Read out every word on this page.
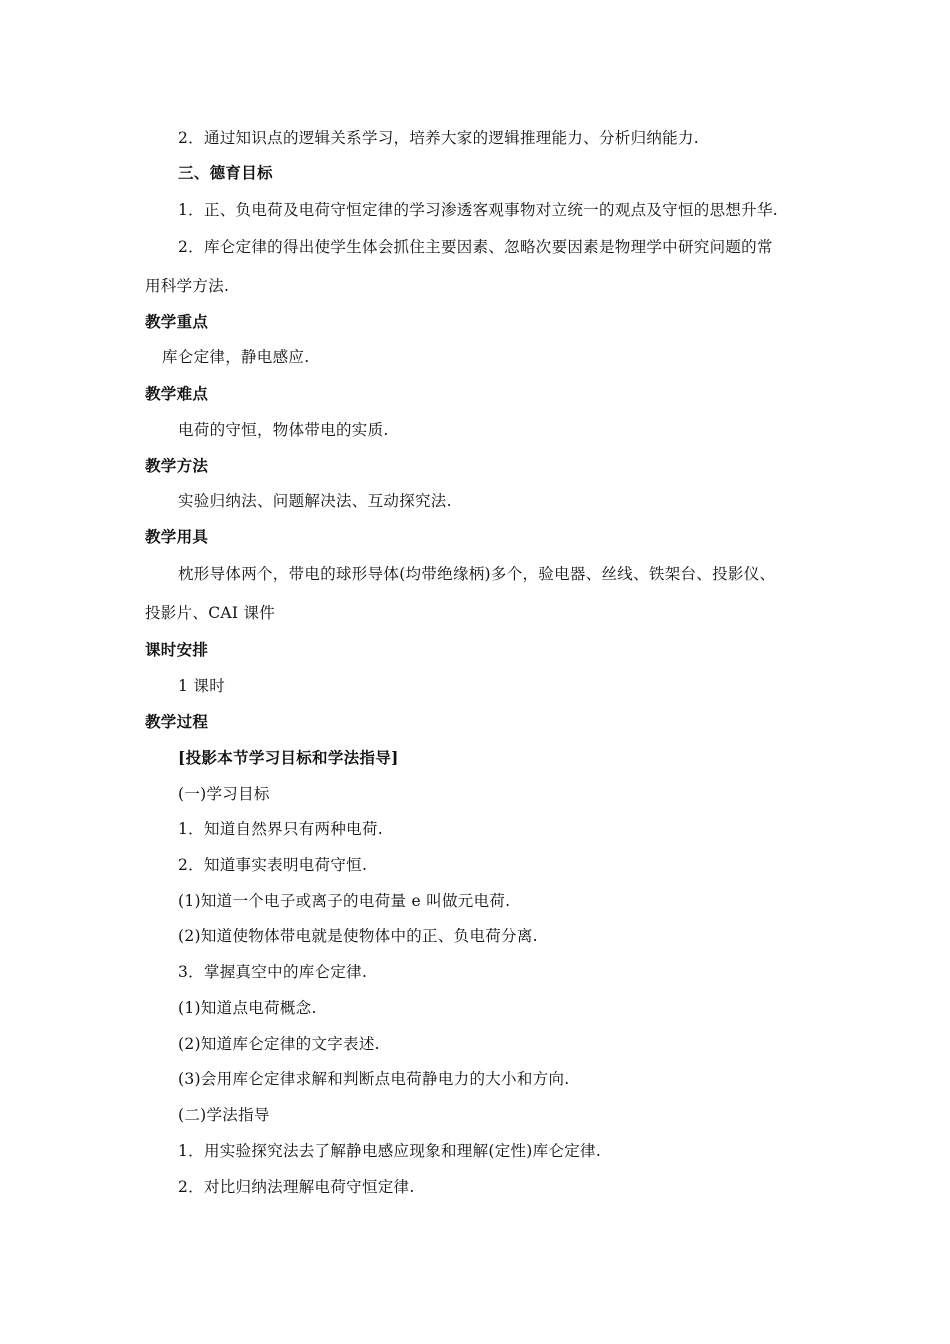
2．通过知识点的逻辑关系学习，培养大家的逻辑推理能力、分析归纳能力.
三、德育目标
1．正、负电荷及电荷守恒定律的学习渗透客观事物对立统一的观点及守恒的思想升华.
2．库仑定律的得出使学生体会抓住主要因素、忽略次要因素是物理学中研究问题的常
用科学方法.
教学重点
库仑定律，静电感应.
教学难点
电荷的守恒，物体带电的实质.
教学方法
实验归纳法、问题解决法、互动探究法.
教学用具
枕形导体两个，带电的球形导体(均带绝缘柄)多个，验电器、丝线、铁架台、投影仪、
投影片、CAI 课件
课时安排
1 课时
教学过程
[投影本节学习目标和学法指导]
(一)学习目标
1．知道自然界只有两种电荷.
2．知道事实表明电荷守恒.
(1)知道一个电子或离子的电荷量 e 叫做元电荷.
(2)知道使物体带电就是使物体中的正、负电荷分离.
3．掌握真空中的库仑定律.
(1)知道点电荷概念.
(2)知道库仑定律的文字表述.
(3)会用库仑定律求解和判断点电荷静电力的大小和方向.
(二)学法指导
1．用实验探究法去了解静电感应现象和理解(定性)库仑定律.
2．对比归纳法理解电荷守恒定律.
